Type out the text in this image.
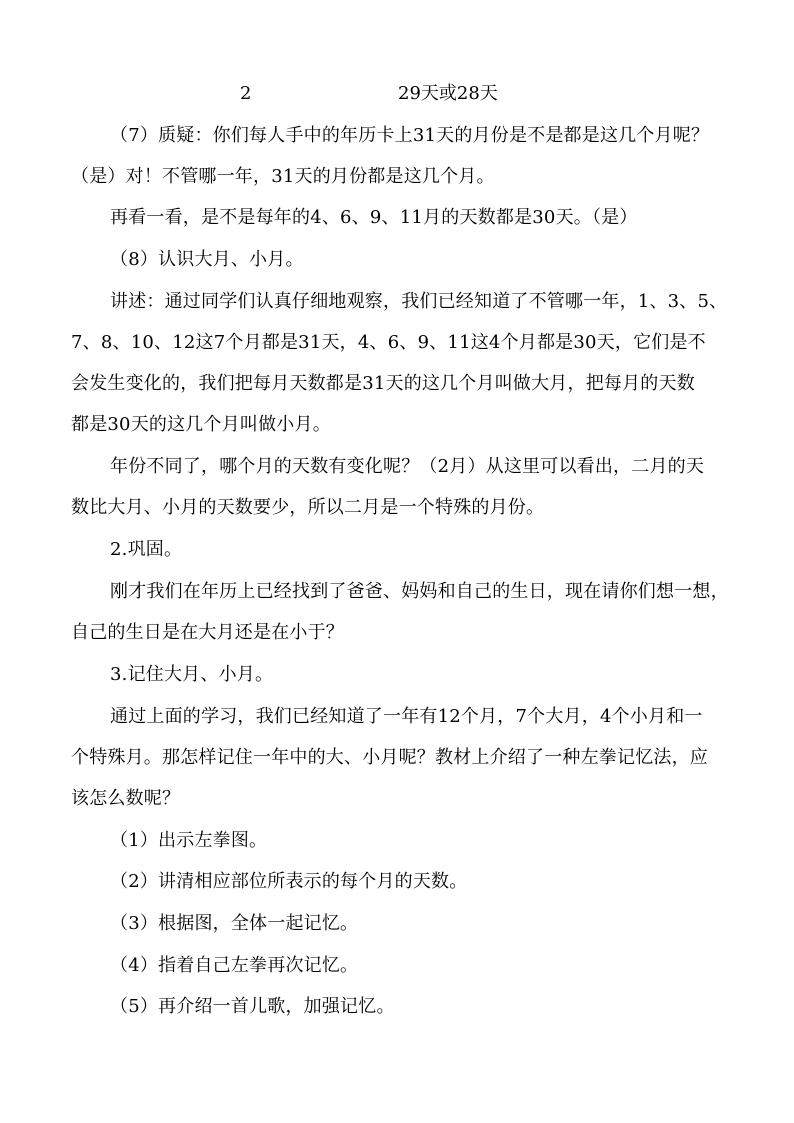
2	29天或28天
（7）质疑：你们每人手中的年历卡上31天的月份是不是都是这几个月呢？
（是）对！不管哪一年，31天的月份都是这几个月。
再看一看，是不是每年的4、6、9、11月的天数都是30天。（是）
（8）认识大月、小月。
讲述：通过同学们认真仔细地观察，我们已经知道了不管哪一年，1、3、5、
7、8、10、12这7个月都是31天，4、6、9、11这4个月都是30天，它们是不
会发生变化的，我们把每月天数都是31天的这几个月叫做大月，把每月的天数
都是30天的这几个月叫做小月。
年份不同了，哪个月的天数有变化呢？（2月）从这里可以看出，二月的天
数比大月、小月的天数要少，所以二月是一个特殊的月份。
2.巩固。
刚才我们在年历上已经找到了爸爸、妈妈和自己的生日，现在请你们想一想，
自己的生日是在大月还是在小于？
3.记住大月、小月。
通过上面的学习，我们已经知道了一年有12个月，7个大月，4个小月和一
个特殊月。那怎样记住一年中的大、小月呢？教材上介绍了一种左拳记忆法，应
该怎么数呢？
（1）出示左拳图。
（2）讲清相应部位所表示的每个月的天数。
（3）根据图，全体一起记忆。
（4）指着自己左拳再次记忆。
（5）再介绍一首儿歌，加强记忆。
